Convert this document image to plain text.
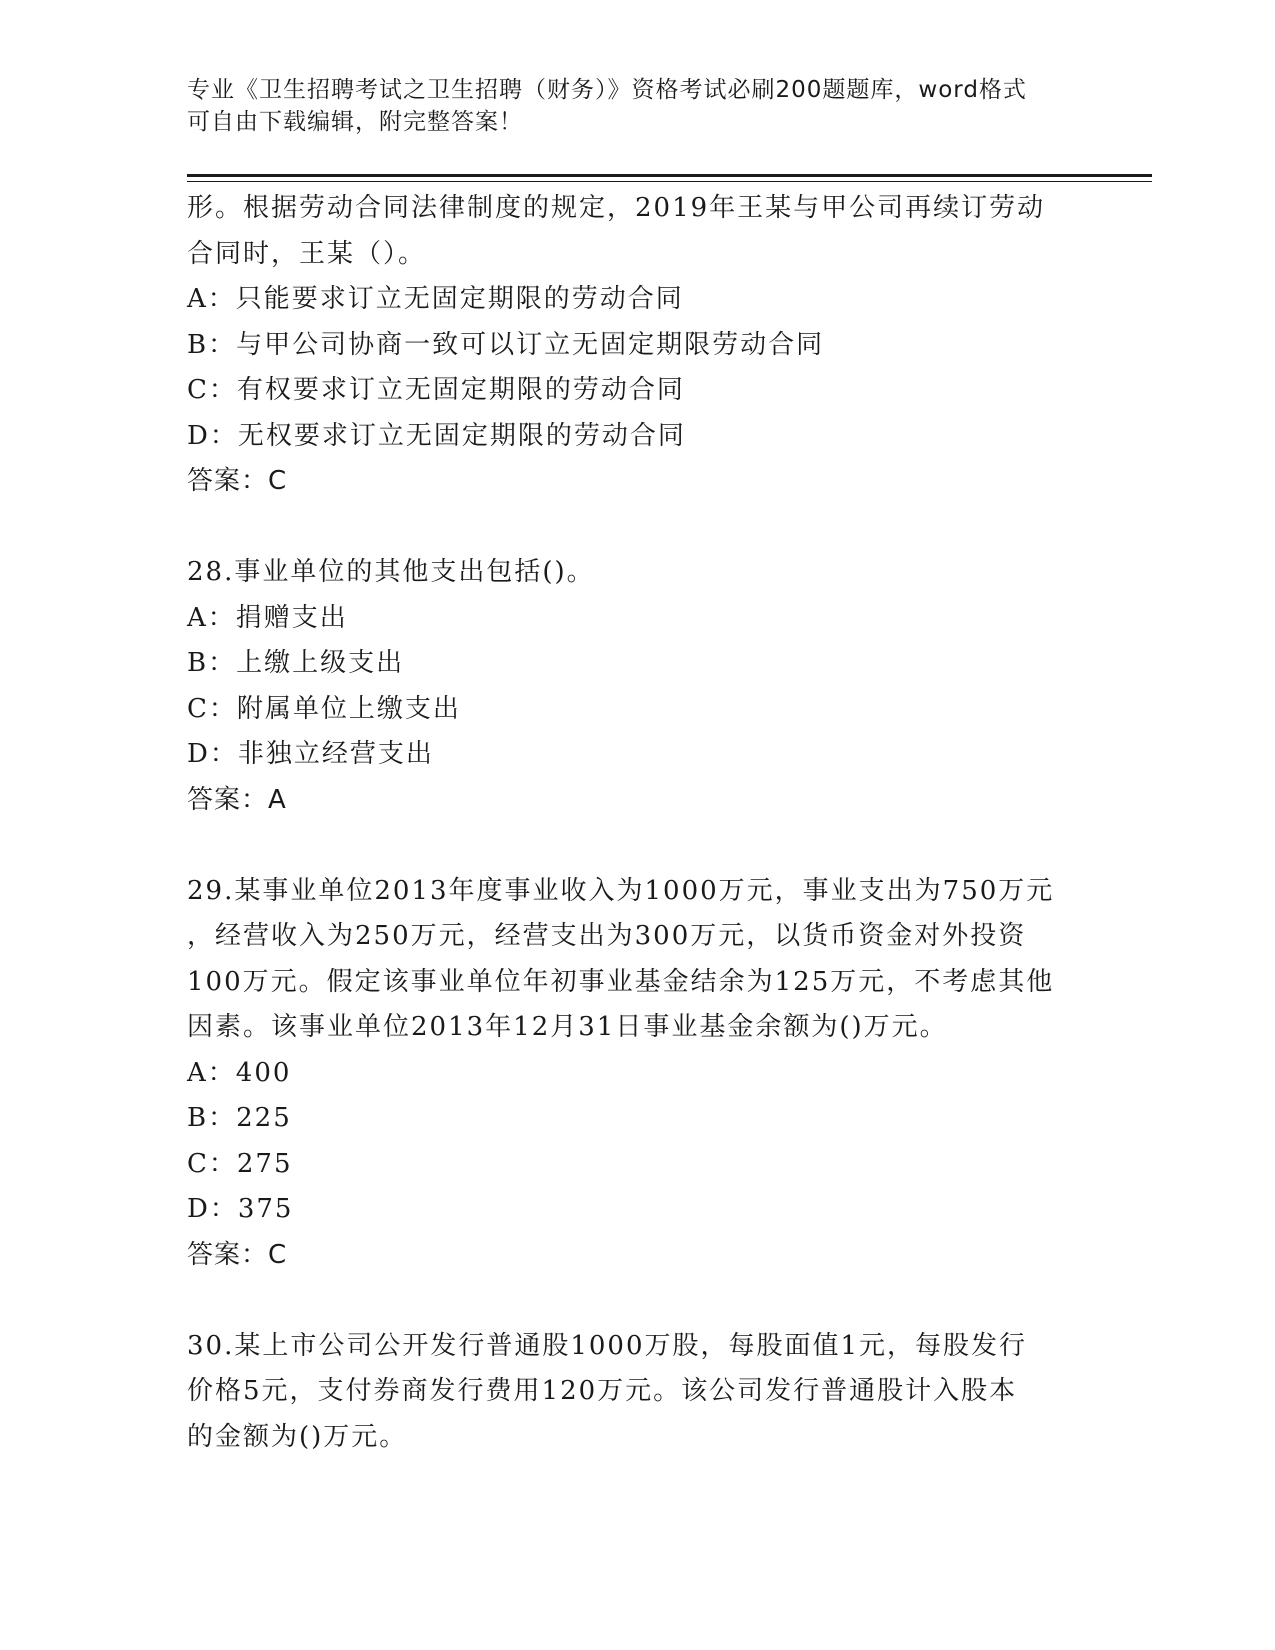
专业《卫生招聘考试之卫生招聘（财务）》资格考试必刷200题题库，word格式
可自由下载编辑，附完整答案！
形。根据劳动合同法律制度的规定，2019年王某与甲公司再续订劳动
合同时，王某（）。
A：只能要求订立无固定期限的劳动合同
B：与甲公司协商一致可以订立无固定期限劳动合同
C：有权要求订立无固定期限的劳动合同
D：无权要求订立无固定期限的劳动合同
答案：C
28.事业单位的其他支出包括()。
A：捐赠支出
B：上缴上级支出
C：附属单位上缴支出
D：非独立经营支出
答案：A
29.某事业单位2013年度事业收入为1000万元，事业支出为750万元
，经营收入为250万元，经营支出为300万元，以货币资金对外投资
100万元。假定该事业单位年初事业基金结余为125万元，不考虑其他
因素。该事业单位2013年12月31日事业基金余额为()万元。
A：400
B：225
C：275
D：375
答案：C
30.某上市公司公开发行普通股1000万股，每股面值1元，每股发行
价格5元，支付券商发行费用120万元。该公司发行普通股计入股本
的金额为()万元。
